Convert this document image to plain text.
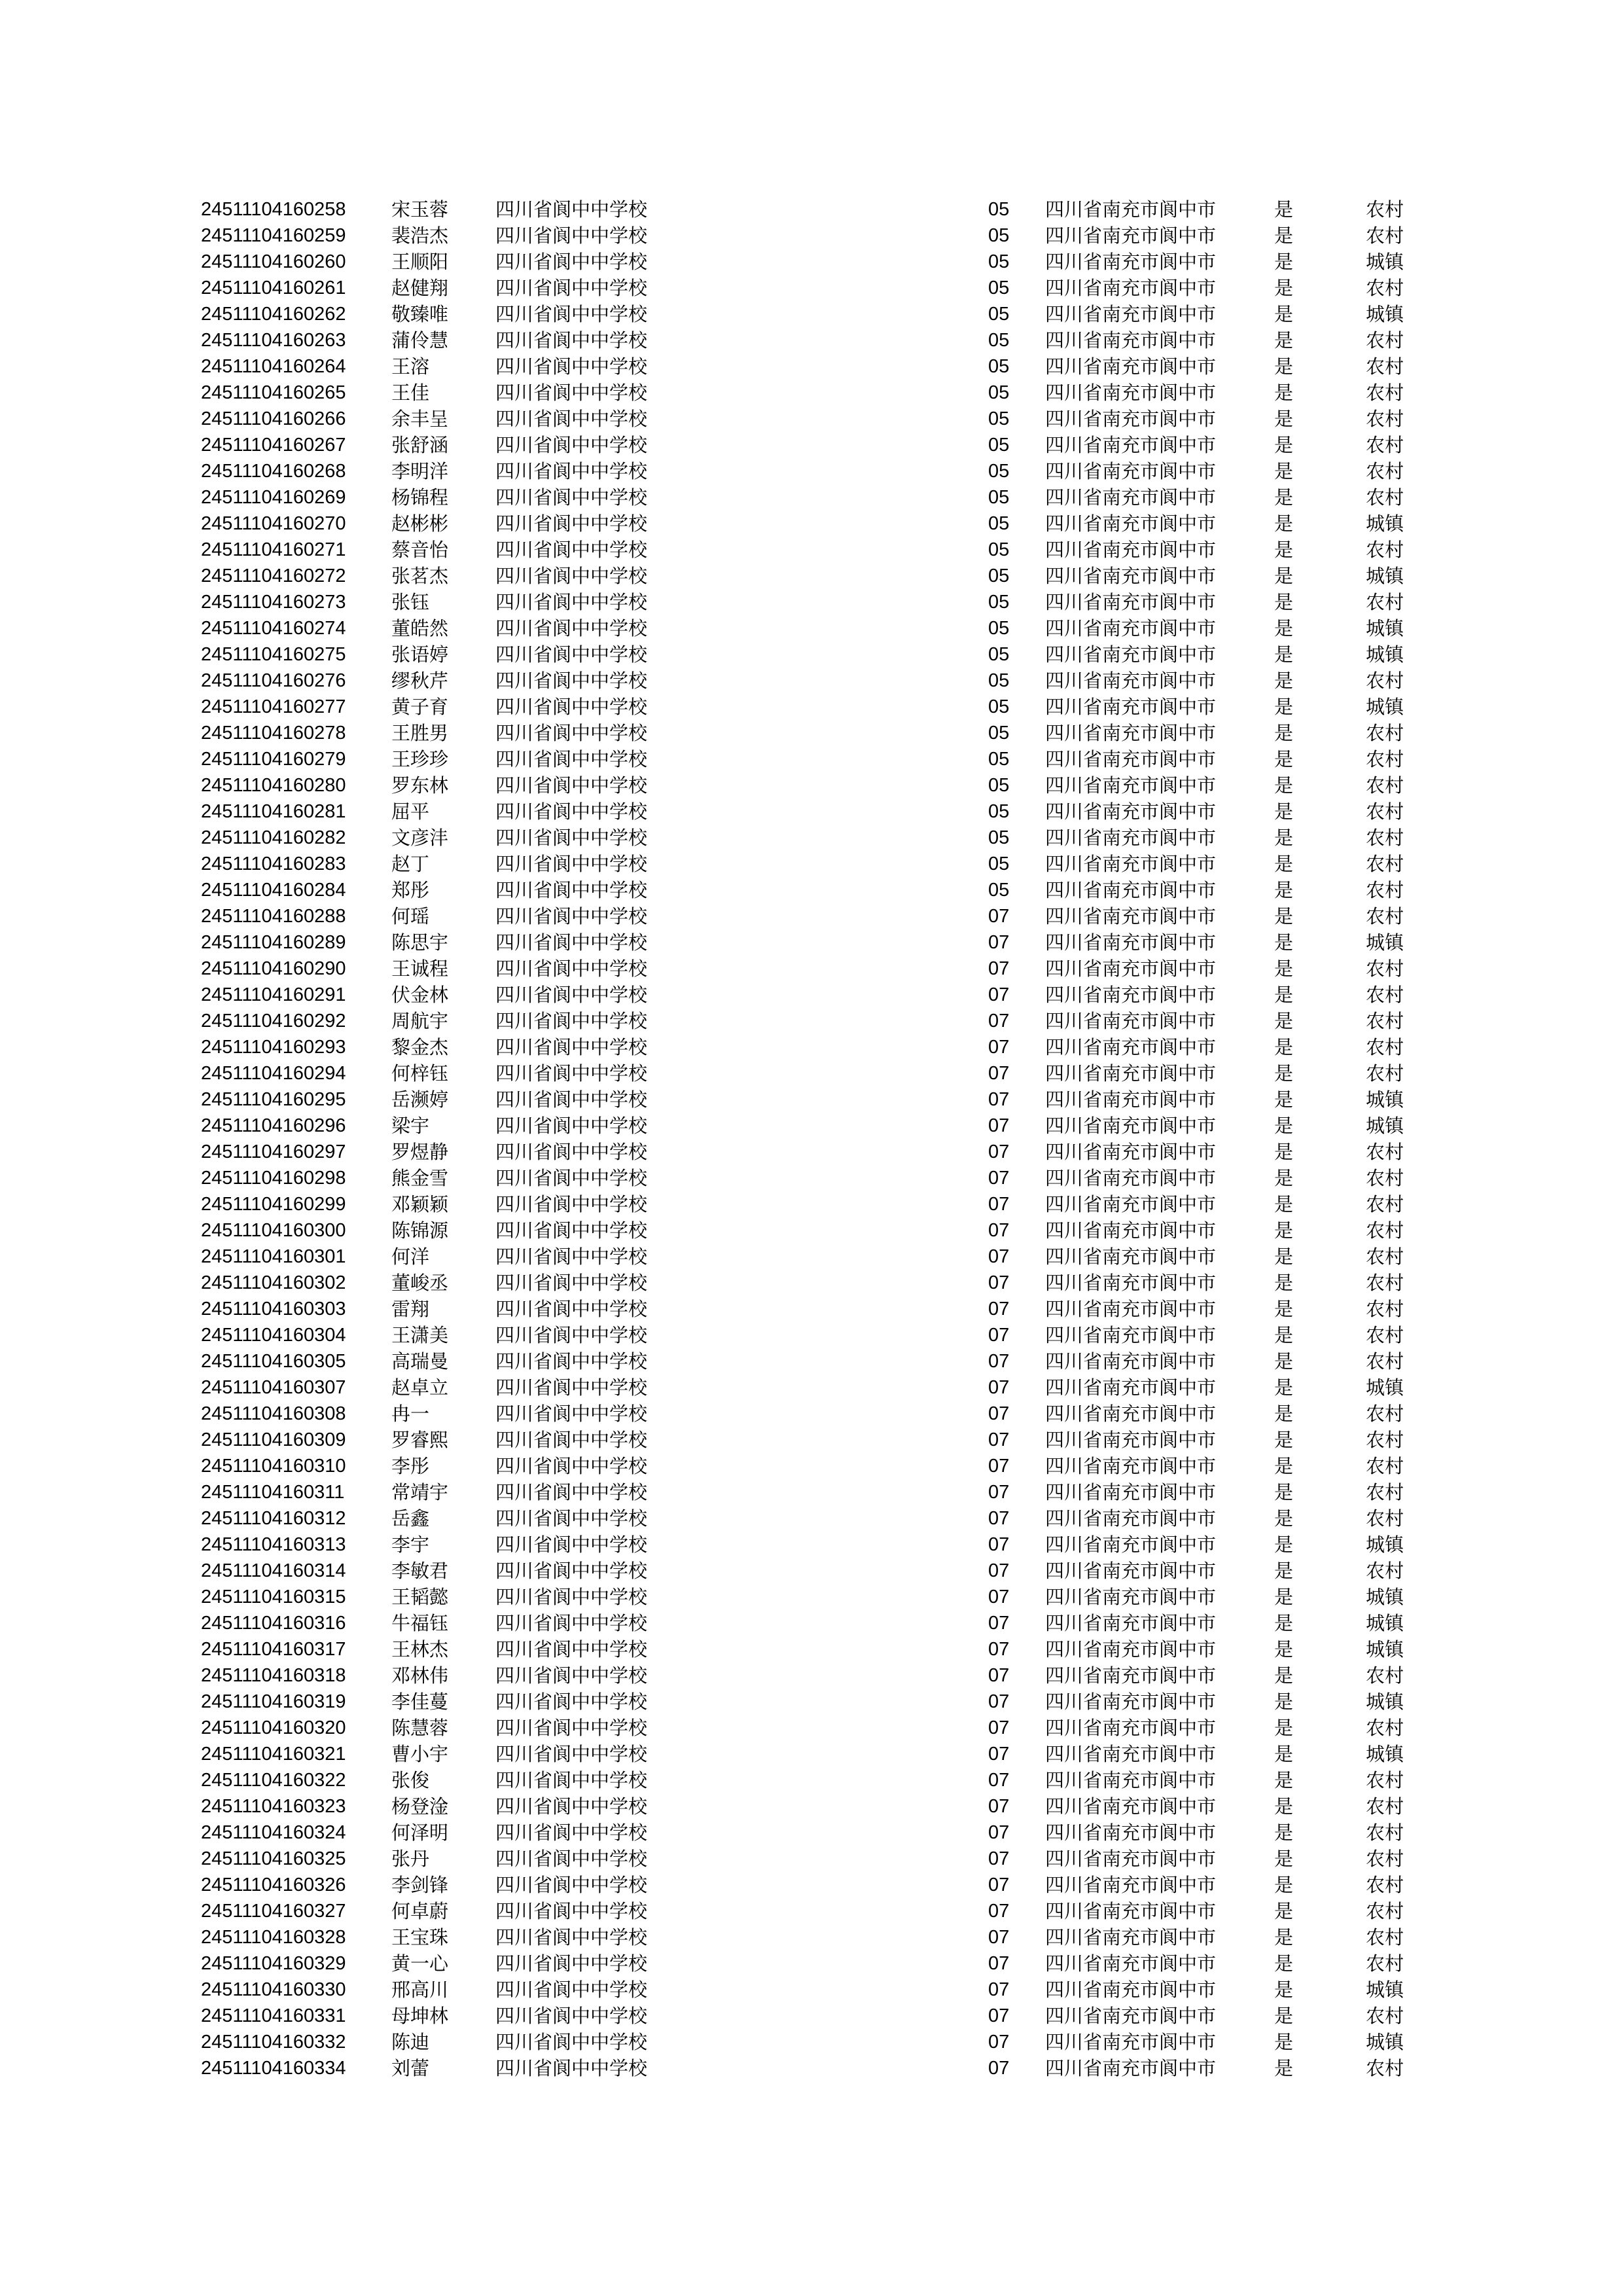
24511104160258 宋玉蓉 四川省阆中中学校	05 四川省南充市阆中市	是	农村
24511104160259 裴浩杰 四川省阆中中学校	05 四川省南充市阆中市	是	农村
24511104160260 王顺阳 四川省阆中中学校	05 四川省南充市阆中市	是	城镇
24511104160261 赵健翔 四川省阆中中学校	05 四川省南充市阆中市	是	农村
24511104160262 敬臻唯 四川省阆中中学校	05 四川省南充市阆中市	是	城镇
24511104160263 蒲伶慧 四川省阆中中学校	05 四川省南充市阆中市	是	农村
24511104160264 王溶	四川省阆中中学校	05 四川省南充市阆中市	是	农村
24511104160265 王佳	四川省阆中中学校	05 四川省南充市阆中市	是	农村
24511104160266 余丰呈 四川省阆中中学校	05 四川省南充市阆中市	是	农村
24511104160267 张舒涵 四川省阆中中学校	05 四川省南充市阆中市	是	农村
24511104160268 李明洋 四川省阆中中学校	05 四川省南充市阆中市	是	农村
24511104160269 杨锦程 四川省阆中中学校	05 四川省南充市阆中市	是	农村
24511104160270 赵彬彬 四川省阆中中学校	05 四川省南充市阆中市	是	城镇
24511104160271 蔡音怡 四川省阆中中学校	05 四川省南充市阆中市	是	农村
24511104160272 张茗杰 四川省阆中中学校	05 四川省南充市阆中市	是	城镇
24511104160273 张钰	四川省阆中中学校	05 四川省南充市阆中市	是	农村
24511104160274 董皓然 四川省阆中中学校	05 四川省南充市阆中市	是	城镇
24511104160275 张语婷 四川省阆中中学校	05 四川省南充市阆中市	是	城镇
24511104160276 缪秋芹 四川省阆中中学校	05 四川省南充市阆中市	是	农村
24511104160277 黄子育 四川省阆中中学校	05 四川省南充市阆中市	是	城镇
24511104160278 王胜男 四川省阆中中学校	05 四川省南充市阆中市	是	农村
24511104160279 王珍珍 四川省阆中中学校	05 四川省南充市阆中市	是	农村
24511104160280 罗东林 四川省阆中中学校	05 四川省南充市阆中市	是	农村
24511104160281 屈平	四川省阆中中学校	05 四川省南充市阆中市	是	农村
24511104160282 文彦沣 四川省阆中中学校	05 四川省南充市阆中市	是	农村
24511104160283 赵丁	四川省阆中中学校	05 四川省南充市阆中市	是	农村
24511104160284 郑彤	四川省阆中中学校	05 四川省南充市阆中市	是	农村
24511104160288 何瑶	四川省阆中中学校	07 四川省南充市阆中市	是	农村
24511104160289 陈思宇 四川省阆中中学校	07 四川省南充市阆中市	是	城镇
24511104160290 王诚程 四川省阆中中学校	07 四川省南充市阆中市	是	农村
24511104160291 伏金林 四川省阆中中学校	07 四川省南充市阆中市	是	农村
24511104160292 周航宇 四川省阆中中学校	07 四川省南充市阆中市	是	农村
24511104160293 黎金杰 四川省阆中中学校	07 四川省南充市阆中市	是	农村
24511104160294 何梓钰 四川省阆中中学校	07 四川省南充市阆中市	是	农村
24511104160295 岳濒婷 四川省阆中中学校	07 四川省南充市阆中市	是	城镇
24511104160296 梁宇	四川省阆中中学校	07 四川省南充市阆中市	是	城镇
24511104160297 罗煜静 四川省阆中中学校	07 四川省南充市阆中市	是	农村
24511104160298 熊金雪 四川省阆中中学校	07 四川省南充市阆中市	是	农村
24511104160299 邓颖颖 四川省阆中中学校	07 四川省南充市阆中市	是	农村
24511104160300 陈锦源 四川省阆中中学校	07 四川省南充市阆中市	是	农村
24511104160301 何洋	四川省阆中中学校	07 四川省南充市阆中市	是	农村
24511104160302 董峻丞 四川省阆中中学校	07 四川省南充市阆中市	是	农村
24511104160303 雷翔	四川省阆中中学校	07 四川省南充市阆中市	是	农村
24511104160304 王潇美 四川省阆中中学校	07 四川省南充市阆中市	是	农村
24511104160305 高瑞曼 四川省阆中中学校	07 四川省南充市阆中市	是	农村
24511104160307 赵卓立 四川省阆中中学校	07 四川省南充市阆中市	是	城镇
24511104160308 冉一	四川省阆中中学校	07 四川省南充市阆中市	是	农村
24511104160309 罗睿熙 四川省阆中中学校	07 四川省南充市阆中市	是	农村
24511104160310 李彤	四川省阆中中学校	07 四川省南充市阆中市	是	农村
24511104160311 常靖宇 四川省阆中中学校	07 四川省南充市阆中市	是	农村
24511104160312 岳鑫	四川省阆中中学校	07 四川省南充市阆中市	是	农村
24511104160313 李宇	四川省阆中中学校	07 四川省南充市阆中市	是	城镇
24511104160314 李敏君 四川省阆中中学校	07 四川省南充市阆中市	是	农村
24511104160315 王韬懿 四川省阆中中学校	07 四川省南充市阆中市	是	城镇
24511104160316 牛福钰 四川省阆中中学校	07 四川省南充市阆中市	是	城镇
24511104160317 王林杰 四川省阆中中学校	07 四川省南充市阆中市	是	城镇
24511104160318 邓林伟 四川省阆中中学校	07 四川省南充市阆中市	是	农村
24511104160319 李佳蔓 四川省阆中中学校	07 四川省南充市阆中市	是	城镇
24511104160320 陈慧蓉 四川省阆中中学校	07 四川省南充市阆中市	是	农村
24511104160321 曹小宇 四川省阆中中学校	07 四川省南充市阆中市	是	城镇
24511104160322 张俊	四川省阆中中学校	07 四川省南充市阆中市	是	农村
24511104160323 杨登淦 四川省阆中中学校	07 四川省南充市阆中市	是	农村
24511104160324 何泽明 四川省阆中中学校	07 四川省南充市阆中市	是	农村
24511104160325 张丹	四川省阆中中学校	07 四川省南充市阆中市	是	农村
24511104160326 李剑锋 四川省阆中中学校	07 四川省南充市阆中市	是	农村
24511104160327 何卓蔚 四川省阆中中学校	07 四川省南充市阆中市	是	农村
24511104160328 王宝珠 四川省阆中中学校	07 四川省南充市阆中市	是	农村
24511104160329 黄一心 四川省阆中中学校	07 四川省南充市阆中市	是	农村
24511104160330 邢高川 四川省阆中中学校	07 四川省南充市阆中市	是	城镇
24511104160331 母坤林 四川省阆中中学校	07 四川省南充市阆中市	是	农村
24511104160332 陈迪	四川省阆中中学校	07 四川省南充市阆中市	是	城镇
24511104160334 刘蕾	四川省阆中中学校	07 四川省南充市阆中市	是	农村
